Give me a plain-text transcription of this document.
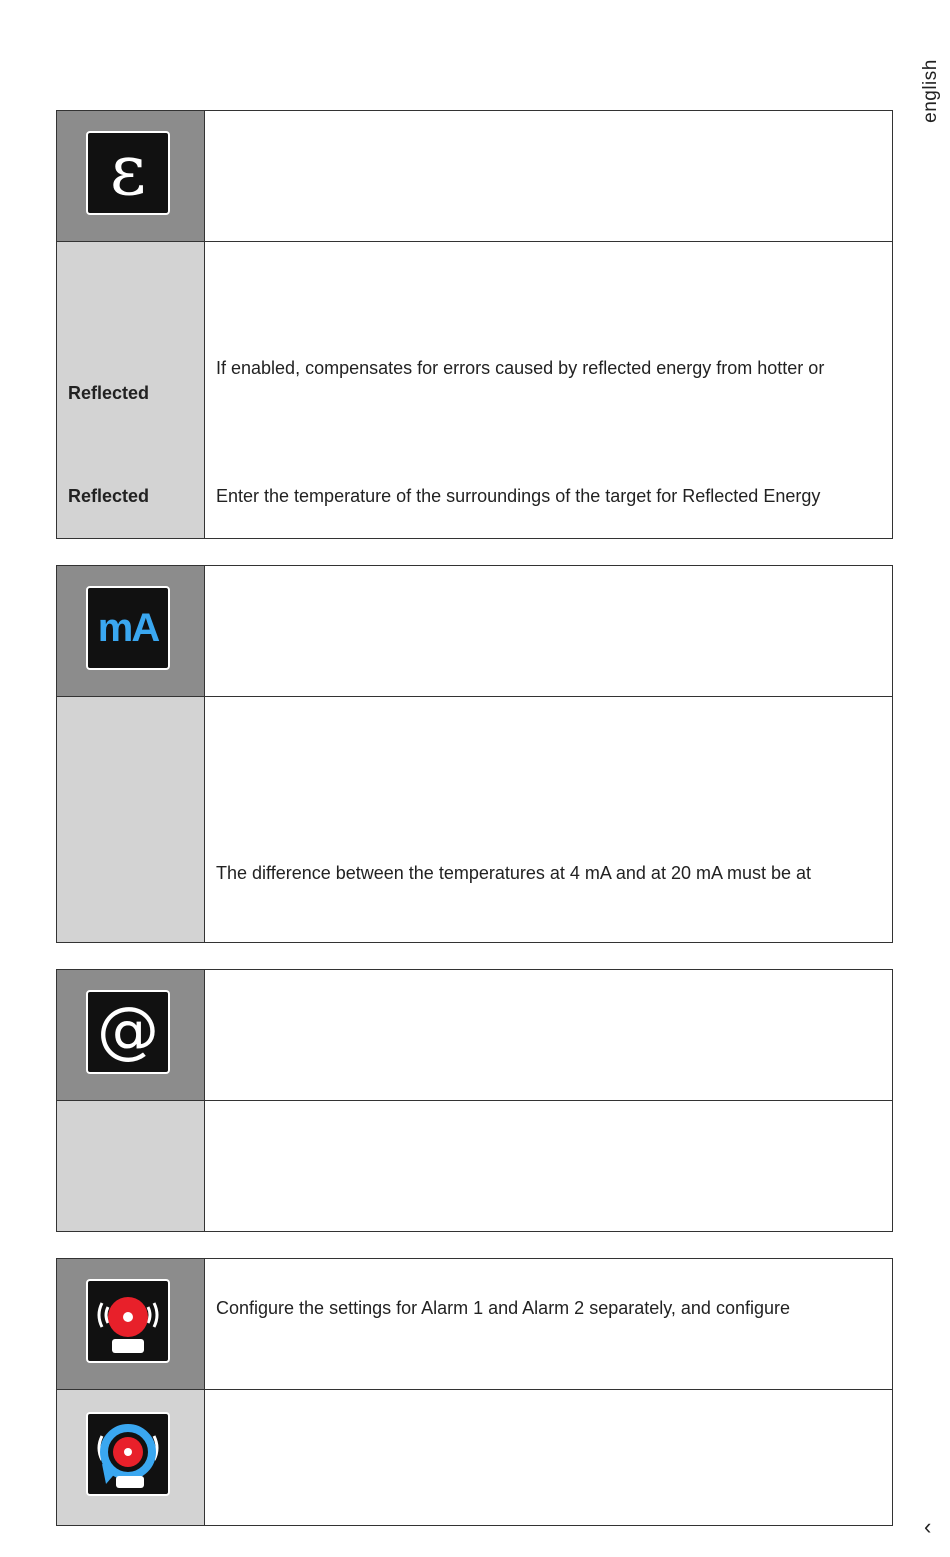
english
ε
Reflected
Reflected
If enabled, compensates for errors caused by reflected energy from hotter or
Enter the temperature of the surroundings of the target for Reflected Energy
mA
The difference between the temperatures at 4 mA and at 20 mA must be at
@
Configure the settings for Alarm 1 and Alarm 2 separately, and configure
‹
